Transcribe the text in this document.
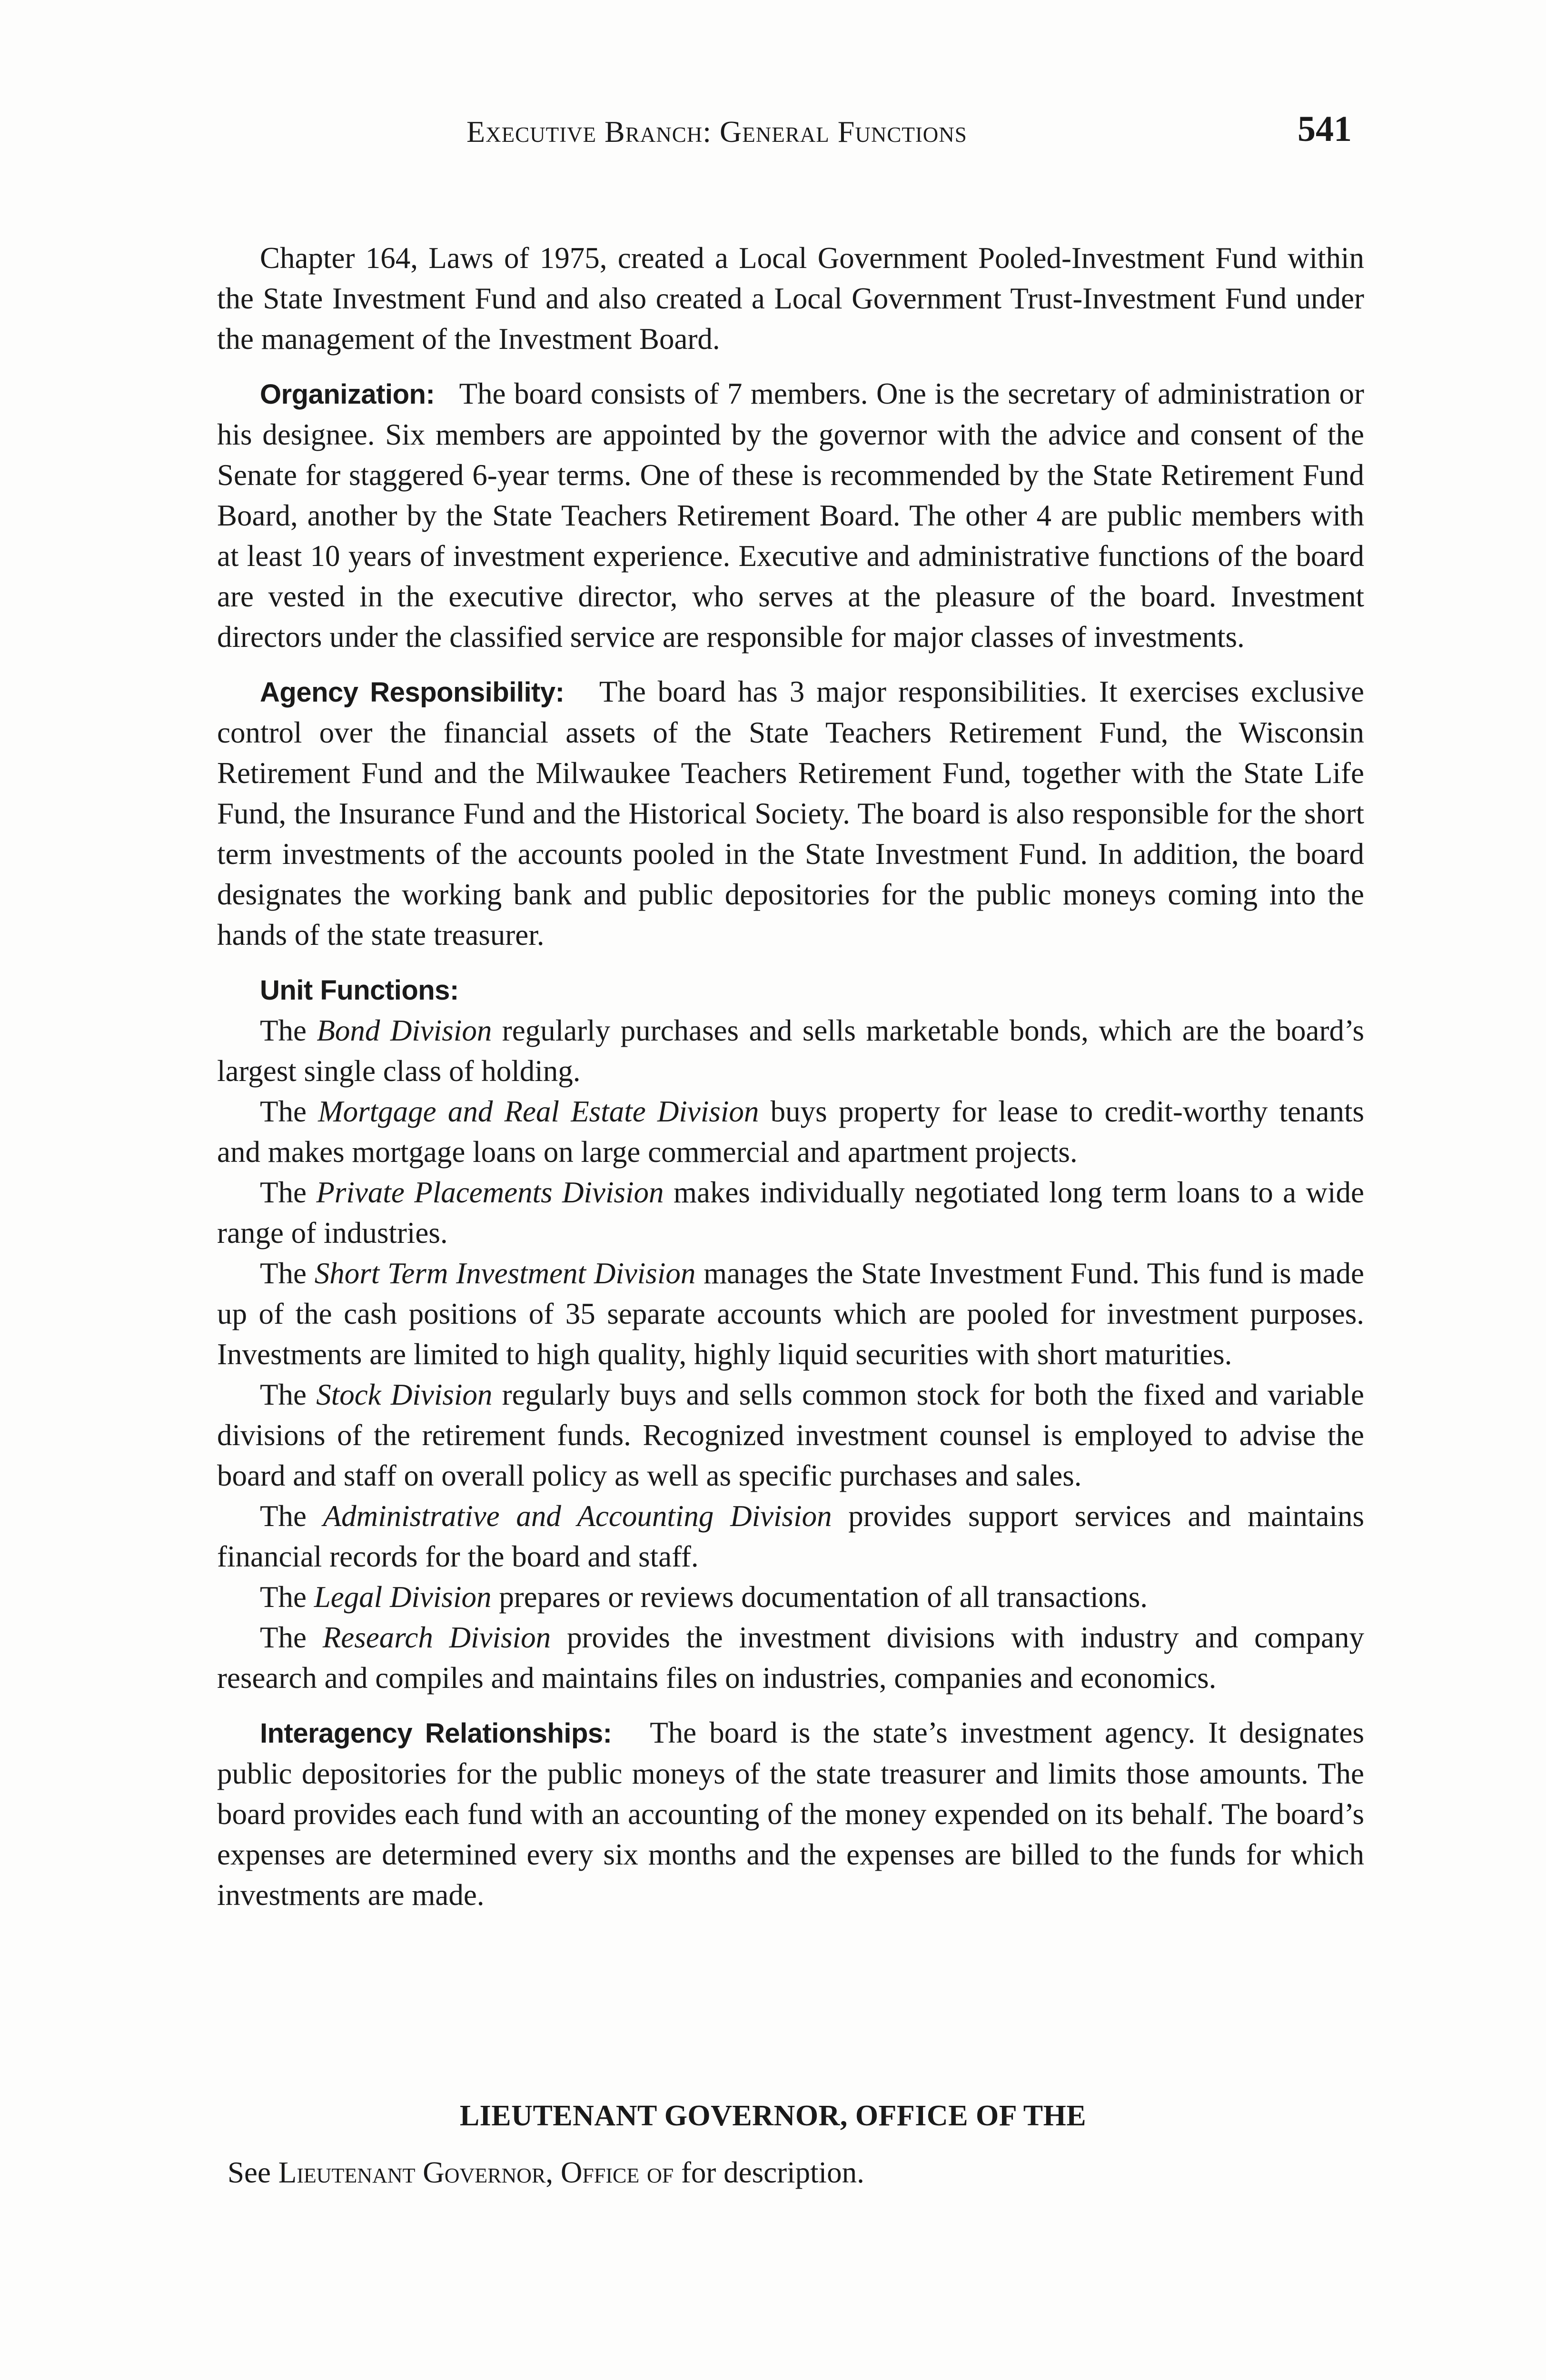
Executive Branch: General Functions	541

Chapter 164, Laws of 1975, created a Local Government Pooled-Investment Fund within the State Investment Fund and also created a Local Government Trust-Investment Fund under the management of the Investment Board.

Organization: The board consists of 7 members. One is the secretary of administration or his designee. Six members are appointed by the governor with the advice and consent of the Senate for staggered 6-year terms. One of these is recommended by the State Retirement Fund Board, another by the State Teachers Retirement Board. The other 4 are public members with at least 10 years of investment experience. Executive and administrative functions of the board are vested in the executive director, who serves at the pleasure of the board. Investment directors under the classified service are responsible for major classes of investments.

Agency Responsibility: The board has 3 major responsibilities. It exercises exclusive control over the financial assets of the State Teachers Retirement Fund, the Wisconsin Retirement Fund and the Milwaukee Teachers Retirement Fund, together with the State Life Fund, the Insurance Fund and the Historical Society. The board is also responsible for the short term investments of the accounts pooled in the State Investment Fund. In addition, the board designates the working bank and public depositories for the public moneys coming into the hands of the state treasurer.

Unit Functions:

The Bond Division regularly purchases and sells marketable bonds, which are the board’s largest single class of holding.

The Mortgage and Real Estate Division buys property for lease to credit-worthy tenants and makes mortgage loans on large commercial and apartment projects.

The Private Placements Division makes individually negotiated long term loans to a wide range of industries.

The Short Term Investment Division manages the State Investment Fund. This fund is made up of the cash positions of 35 separate accounts which are pooled for investment purposes. Investments are limited to high quality, highly liquid securities with short maturities.

The Stock Division regularly buys and sells common stock for both the fixed and variable divisions of the retirement funds. Recognized investment counsel is employed to advise the board and staff on overall policy as well as specific purchases and sales.

The Administrative and Accounting Division provides support services and maintains financial records for the board and staff.

The Legal Division prepares or reviews documentation of all transactions.

The Research Division provides the investment divisions with industry and company research and compiles and maintains files on industries, companies and economics.

Interagency Relationships: The board is the state’s investment agency. It designates public depositories for the public moneys of the state treasurer and limits those amounts. The board provides each fund with an accounting of the money expended on its behalf. The board’s expenses are determined every six months and the expenses are billed to the funds for which investments are made.

LIEUTENANT GOVERNOR, OFFICE OF THE
See Lieutenant Governor, Office of for description.
